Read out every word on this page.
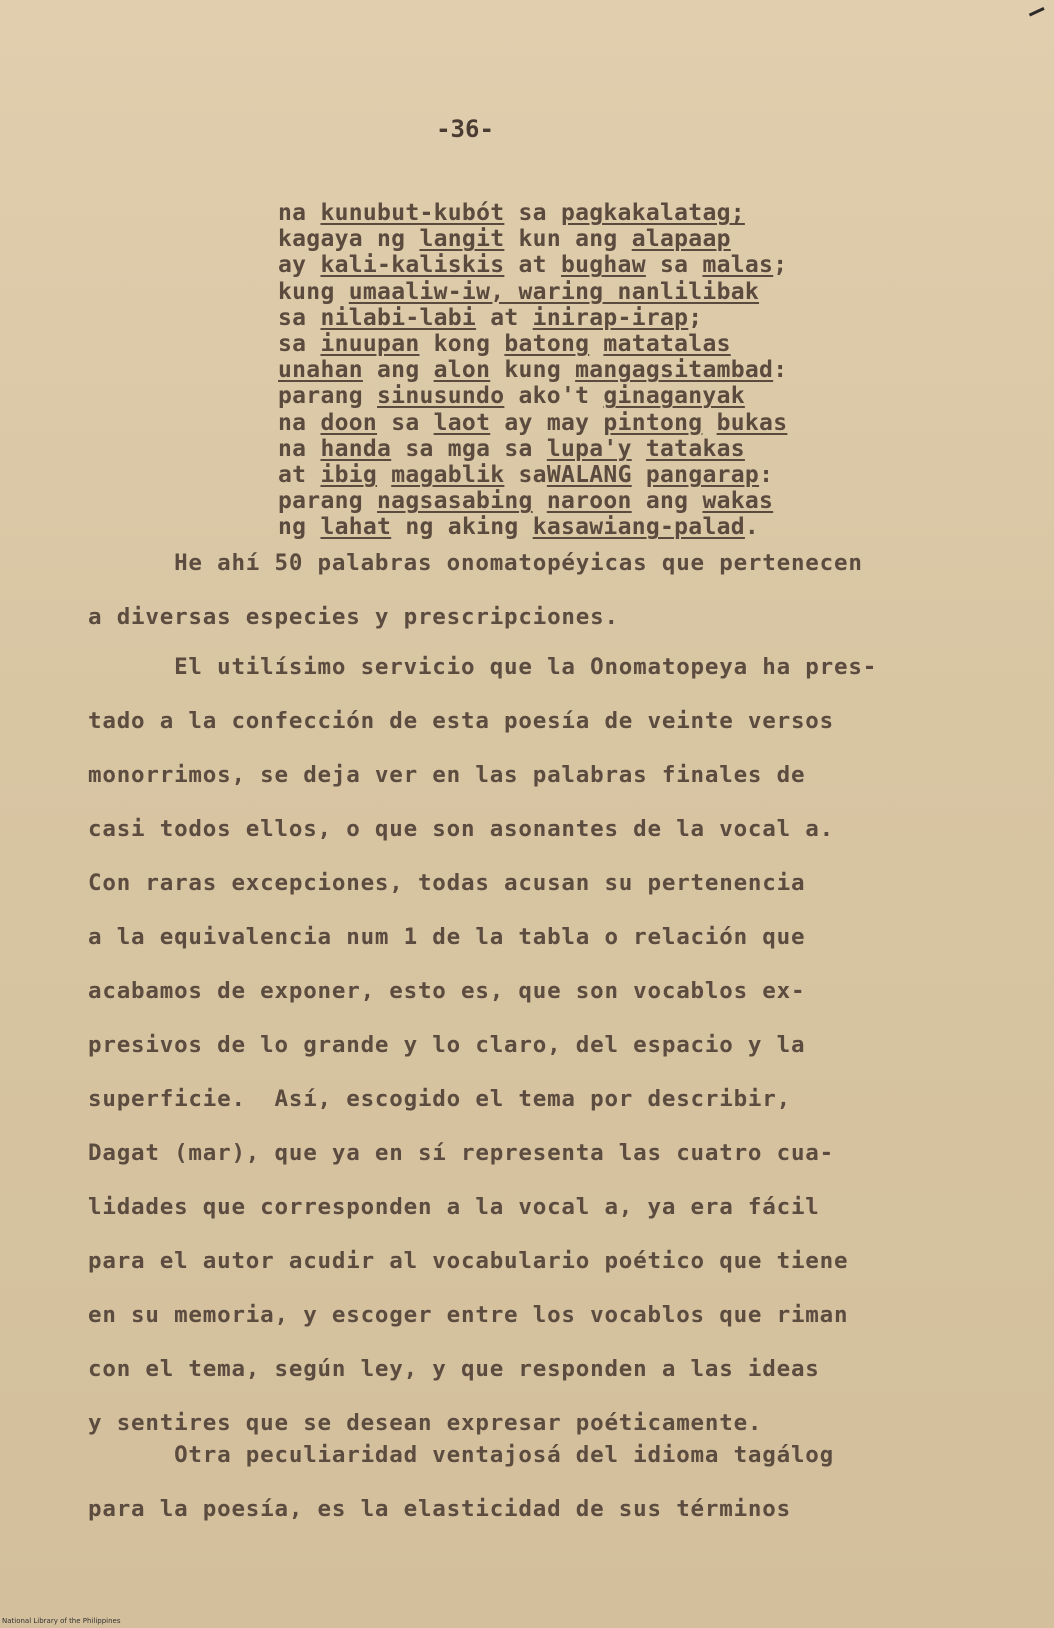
-36-
na kunubut-kubót sa pagkakalatag;
kagaya ng langit kun ang alapaap
ay kali-kaliskis at bughaw sa malas;
kung umaaliw-iw, waring nanlilibak
sa nilabi-labi at inirap-irap;
sa inuupan kong batong matatalas
unahan ang alon kung mangagsitambad:
parang sinusundo ako't ginaganyak
na doon sa laot ay may pintong bukas
na handa sa mga sa lupa'y tatakas
at ibig magablik saWALANG pangarap:
parang nagsasabing naroon ang wakas
ng lahat ng aking kasawiang-palad.
He ahí 50 palabras onomatopéyicas que pertenecen
a diversas especies y prescripciones.
El utilísimo servicio que la Onomatopeya ha pres-
tado a la confección de esta poesía de veinte versos
monorrimos, se deja ver en las palabras finales de
casi todos ellos, o que son asonantes de la vocal a.
Con raras excepciones, todas acusan su pertenencia
a la equivalencia num 1 de la tabla o relación que
acabamos de exponer, esto es, que son vocablos ex-
presivos de lo grande y lo claro, del espacio y la
superficie.  Así, escogido el tema por describir,
Dagat (mar), que ya en sí representa las cuatro cua-
lidades que corresponden a la vocal a, ya era fácil
para el autor acudir al vocabulario poético que tiene
en su memoria, y escoger entre los vocablos que riman
con el tema, según ley, y que responden a las ideas
y sentires que se desean expresar poéticamente.
Otra peculiaridad ventajosá del idioma tagálog
para la poesía, es la elasticidad de sus términos
National Library of the Philippines
